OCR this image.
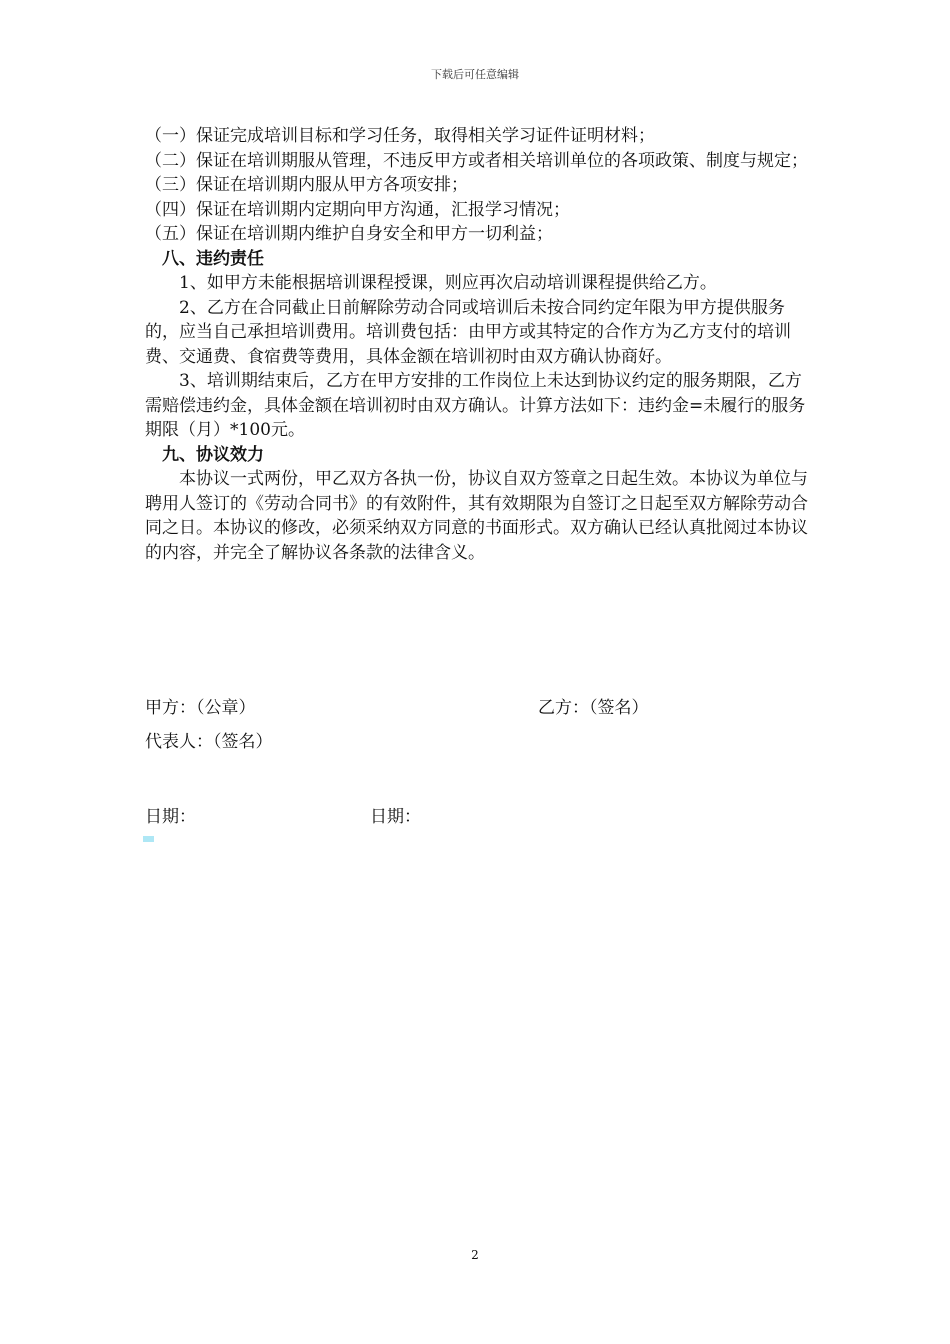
下载后可任意编辑

（一）保证完成培训目标和学习任务，取得相关学习证件证明材料；

（二）保证在培训期服从管理，不违反甲方或者相关培训单位的各项政策、制度与规定；

（三）保证在培训期内服从甲方各项安排；

（四）保证在培训期内定期向甲方沟通，汇报学习情况；

（五）保证在培训期内维护自身安全和甲方一切利益；

八、违约责任

1、如甲方未能根据培训课程授课，则应再次启动培训课程提供给乙方。

2、乙方在合同截止日前解除劳动合同或培训后未按合同约定年限为甲方提供服务的，应当自己承担培训费用。培训费包括：由甲方或其特定的合作方为乙方支付的培训费、交通费、食宿费等费用，具体金额在培训初时由双方确认协商好。

3、培训期结束后，乙方在甲方安排的工作岗位上未达到协议约定的服务期限，乙方需赔偿违约金，具体金额在培训初时由双方确认。计算方法如下：违约金=未履行的服务期限（月）*100元。

九、协议效力

本协议一式两份，甲乙双方各执一份，协议自双方签章之日起生效。本协议为单位与聘用人签订的《劳动合同书》的有效附件，其有效期限为自签订之日起至双方解除劳动合同之日。本协议的修改，必须采纳双方同意的书面形式。双方确认已经认真批阅过本协议的内容，并完全了解协议各条款的法律含义。

甲方：（公章）	乙方：（签名）
代表人：（签名）
日期：	日期：
2
